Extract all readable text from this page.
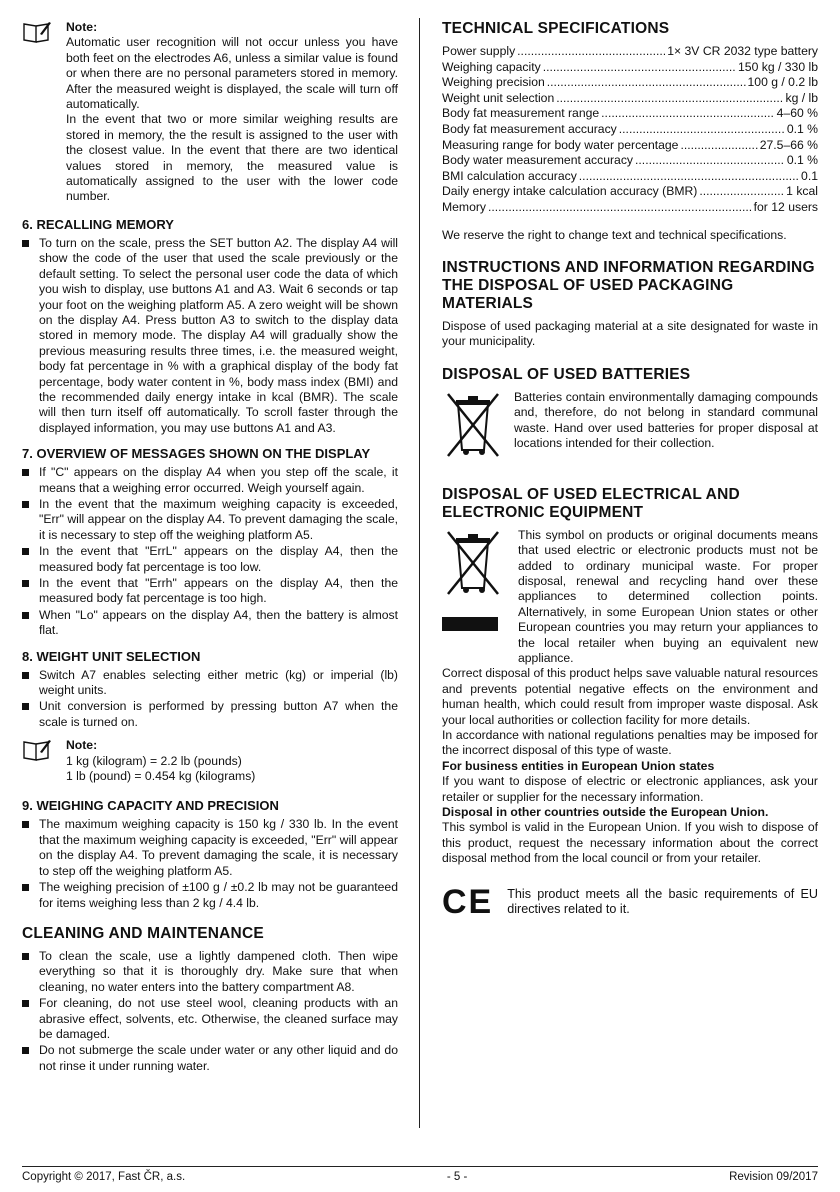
Note:

Automatic user recognition will not occur unless you have both feet on the electrodes A6, unless a similar value is found or when there are no personal parameters stored in memory. After the measured weight is displayed, the scale will turn off automatically.

In the event that two or more similar weighing results are stored in memory, the the result is assigned to the user with the closest value. In the event that there are two identical values stored in memory, the measured value is automatically assigned to the user with the lower code number.

6. RECALLING MEMORY
To turn on the scale, press the SET button A2. The display A4 will show the code of the user that used the scale previously or the default setting. To select the personal user code the data of which you wish to display, use buttons A1 and A3. Wait 6 seconds or tap your foot on the weighing platform A5. A zero weight will be shown on the display A4. Press button A3 to switch to the display data stored in memory mode. The display A4 will gradually show the previous measuring results three times, i.e. the measured weight, body fat percentage in % with a graphical display of the body fat percentage, body water content in %, body mass index (BMI) and the recommended daily energy intake in kcal (BMR). The scale will then turn itself off automatically. To scroll faster through the displayed information, you may use buttons A1 and A3.
7. OVERVIEW OF MESSAGES SHOWN ON THE DISPLAY
If "C" appears on the display A4 when you step off the scale, it means that a weighing error occurred. Weigh yourself again.
In the event that the maximum weighing capacity is exceeded, "Err" will appear on the display A4. To prevent damaging the scale, it is necessary to step off the weighing platform A5.
In the event that "ErrL" appears on the display A4, then the measured body fat percentage is too low.
In the event that "Errh" appears on the display A4, then the measured body fat percentage is too high.
When "Lo" appears on the display A4, then the battery is almost flat.
8. WEIGHT UNIT SELECTION
Switch A7 enables selecting either metric (kg) or imperial (lb) weight units.
Unit conversion is performed by pressing button A7 when the scale is turned on.

Note:

1 kg (kilogram) = 2.2 lb (pounds)

1 lb (pound) = 0.454 kg (kilograms)

9. WEIGHING CAPACITY AND PRECISION
The maximum weighing capacity is 150 kg / 330 lb. In the event that the maximum weighing capacity is exceeded, "Err" will appear on the display A4. To prevent damaging the scale, it is necessary to step off the weighing platform A5.
The weighing precision of ±100 g / ±0.2 lb may not be guaranteed for items weighing less than 2 kg / 4.4 lb.
CLEANING AND MAINTENANCE
To clean the scale, use a lightly dampened cloth. Then wipe everything so that it is thoroughly dry. Make sure that when cleaning, no water enters into the battery compartment A8.
For cleaning, do not use steel wool, cleaning products with an abrasive effect, solvents, etc. Otherwise, the cleaned surface may be damaged.
Do not submerge the scale under water or any other liquid and do not rinse it under running water.
TECHNICAL SPECIFICATIONS
Power supply .....	1× 3V CR 2032 type battery
Weighing capacity .....	150 kg / 330 lb
Weighing precision .....	100 g / 0.2 lb
Weight unit selection .....	kg / lb
Body fat measurement range .....	4–60 %
Body fat measurement accuracy .....	0.1 %
Measuring range for body water percentage .....	27.5–66 %
Body water measurement accuracy .....	0.1 %
BMI calculation accuracy .....	0.1
Daily energy intake calculation accuracy (BMR) .....	1 kcal
Memory .....	for 12 users

We reserve the right to change text and technical specifications.

INSTRUCTIONS AND INFORMATION REGARDING THE DISPOSAL OF USED PACKAGING MATERIALS

Dispose of used packaging material at a site designated for waste in your municipality.

DISPOSAL OF USED BATTERIES

Batteries contain environmentally damaging compounds and, therefore, do not belong in standard communal waste. Hand over used batteries for proper disposal at locations intended for their collection.

DISPOSAL OF USED ELECTRICAL AND ELECTRONIC EQUIPMENT

This symbol on products or original documents means that used electric or electronic products must not be added to ordinary municipal waste. For proper disposal, renewal and recycling hand over these appliances to determined collection points. Alternatively, in some European Union states or other European countries you may return your appliances to the local retailer when buying an equivalent new appliance.

Correct disposal of this product helps save valuable natural resources and prevents potential negative effects on the environment and human health, which could result from improper waste disposal. Ask your local authorities or collection facility for more details.

In accordance with national regulations penalties may be imposed for the incorrect disposal of this type of waste.

For business entities in European Union states

If you want to dispose of electric or electronic appliances, ask your retailer or supplier for the necessary information.

Disposal in other countries outside the European Union.

This symbol is valid in the European Union. If you wish to dispose of this product, request the necessary information about the correct disposal method from the local council or from your retailer.

CE This product meets all the basic requirements of EU directives related to it.

Copyright © 2017, Fast ČR, a.s.	- 5 -	Revision 09/2017
